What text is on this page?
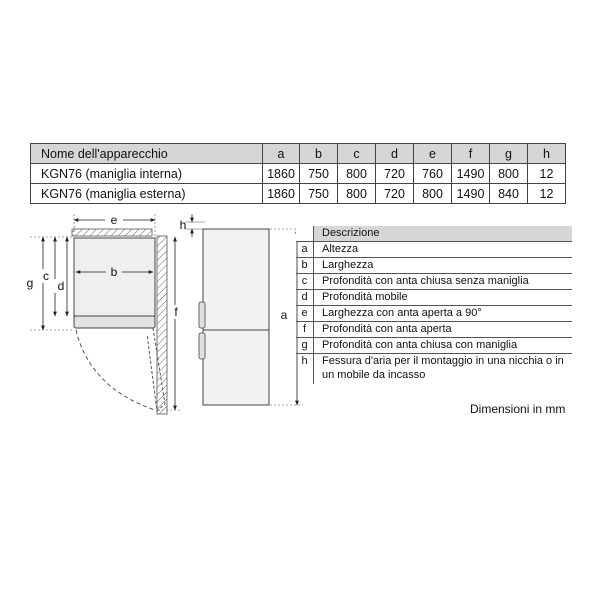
Nome dell'apparecchio	a	b	c	d	e	f	g	h
KGN76 (maniglia interna)	1860	750	800	720	760	1490	800	12
KGN76 (maniglia esterna)	1860	750	800	720	800	1490	840	12
e
b
g c
d
f
h
a
	Descrizione
a	Altezza
b	Larghezza
c	Profondità con anta chiusa senza maniglia
d	Profondità mobile
e	Larghezza con anta aperta a 90°
f	Profondità con anta aperta
g	Profondità con anta chiusa con maniglia
h	Fessura d'aria per il montaggio in una nicchia o in un mobile da incasso
Dimensioni in mm
